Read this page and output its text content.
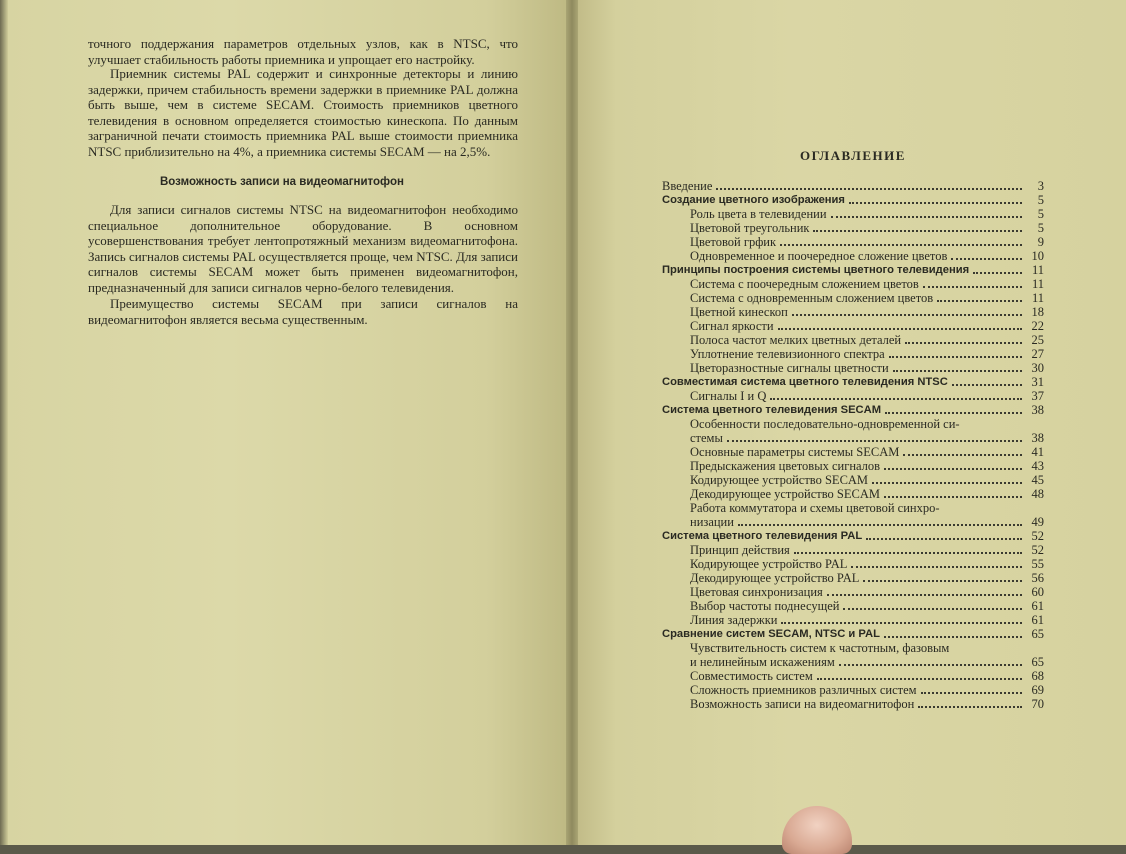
точного поддержания параметров отдельных узлов, как в NTSC, что улучшает стабильность работы приемника и упрощает его настройку.

Приемник системы PAL содержит и синхронные детекторы и линию задержки, причем стабильность времени задержки в приемнике PAL должна быть выше, чем в системе SECAM. Стоимость приемников цветного телевидения в основном определяется стоимостью кинескопа. По данным заграничной печати стоимость приемника PAL выше стоимости приемника NTSC приблизительно на 4%, а приемника системы SECAM — на 2,5%.

Возможность записи на видеомагнитофон

Для записи сигналов системы NTSC на видеомагнитофон необходимо специальное дополнительное оборудование. В основном усовершенствования требует лентопротяжный механизм видеомагнитофона. Запись сигналов системы PAL осуществляется проще, чем NTSC. Для записи сигналов системы SECAM может быть применен видеомагнитофон, предназначенный для записи сигналов черно-белого телевидения.

Преимущество системы SECAM при записи сигналов на видеомагнитофон является весьма существенным.

ОГЛАВЛЕНИЕ
Введение	3
Создание цветного изображения	5
Роль цвета в телевидении	5
Цветовой треугольник	5
Цветовой грфик	9
Одновременное и поочередное сложение цветов	10
Принципы построения системы цветного телевидения	11
Система с поочередным сложением цветов	11
Система с одновременным сложением цветов	11
Цветной кинескоп	18
Сигнал яркости	22
Полоса частот мелких цветных деталей	25
Уплотнение телевизионного спектра	27
Цветоразностные сигналы цветности	30
Совместимая система цветного телевидения NTSC	31
Сигналы I и Q	37
Система цветного телевидения SECAM	38
Особенности последовательно-одновременной си-
стемы	38
Основные параметры системы SECAM	41
Предыскажения цветовых сигналов	43
Кодирующее устройство SECAM	45
Декодирующее устройство SECAM	48
Работа коммутатора и схемы цветовой синхро-
низации	49
Система цветного телевидения PAL	52
Принцип действия	52
Кодирующее устройство PAL	55
Декодирующее устройство PAL	56
Цветовая синхронизация	60
Выбор частоты поднесущей	61
Линия задержки	61
Сравнение систем SECAM, NTSC и PAL	65
Чувствительность систем к частотным, фазовым
и нелинейным искажениям	65
Совместимость систем	68
Сложность приемников различных систем	69
Возможность записи на видеомагнитофон	70
